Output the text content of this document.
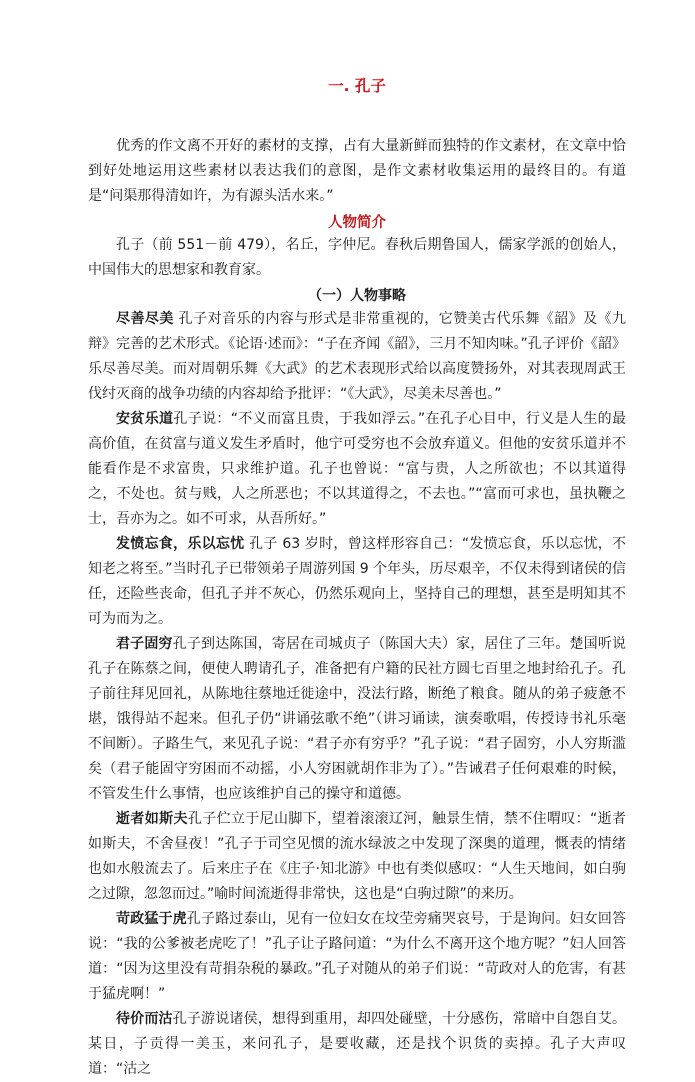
一. 孔子

优秀的作文离不开好的素材的支撑，占有大量新鲜而独特的作文素材，在文章中恰到好处地运用这些素材以表达我们的意图，是作文素材收集运用的最终目的。有道是“问渠那得清如许，为有源头活水来。”

人物简介

孔子（前 551－前 479），名丘，字仲尼。春秋后期鲁国人，儒家学派的创始人，中国伟大的思想家和教育家。

（一）人物事略

尽善尽美 孔子对音乐的内容与形式是非常重视的，它赞美古代乐舞《韶》及《九辩》完善的艺术形式。《论语·述而》：“子在齐闻《韶》，三月不知肉味。”孔子评价《韶》乐尽善尽美。而对周朝乐舞《大武》的艺术表现形式给以高度赞扬外，对其表现周武王伐纣灭商的战争功绩的内容却给予批评：“《大武》，尽美未尽善也。”

安贫乐道孔子说：“不义而富且贵，于我如浮云。”在孔子心目中，行义是人生的最高价值，在贫富与道义发生矛盾时，他宁可受穷也不会放弃道义。但他的安贫乐道并不能看作是不求富贵，只求维护道。孔子也曾说：“富与贵，人之所欲也；不以其道得之，不处也。贫与贱，人之所恶也；不以其道得之，不去也。”“富而可求也，虽执鞭之士，吾亦为之。如不可求，从吾所好。”

发愤忘食，乐以忘忧 孔子 63 岁时，曾这样形容自己：“发愤忘食，乐以忘忧，不知老之将至。”当时孔子已带领弟子周游列国 9 个年头，历尽艰辛，不仅未得到诸侯的信任，还险些丧命，但孔子并不灰心，仍然乐观向上，坚持自己的理想，甚至是明知其不可为而为之。

君子固穷孔子到达陈国，寄居在司城贞子（陈国大夫）家，居住了三年。楚国听说孔子在陈蔡之间，便使人聘请孔子，准备把有户籍的民社方圆七百里之地封给孔子。孔子前往拜见回礼，从陈地往蔡地迁徙途中，没法行路，断绝了粮食。随从的弟子疲惫不堪，饿得站不起来。但孔子仍“讲诵弦歌不绝”（讲习诵读，演奏歌唱，传授诗书礼乐毫不间断）。子路生气，来见孔子说：“君子亦有穷乎？”孔子说：“君子固穷，小人穷斯滥矣（君子能固守穷困而不动摇，小人穷困就胡作非为了）。”告诫君子任何艰难的时候，不管发生什么事情，也应该维护自己的操守和道德。

逝者如斯夫孔子伫立于尼山脚下，望着滚滚辽河，触景生情，禁不住喟叹：“逝者如斯夫，不舍昼夜！”孔子于司空见惯的流水绿波之中发现了深奥的道理，慨表的情绪也如水般流去了。后来庄子在《庄子·知北游》中也有类似感叹：“人生天地间，如白驹之过隙，忽忽而过。”喻时间流逝得非常快，这也是“白驹过隙”的来历。

苛政猛于虎孔子路过泰山，见有一位妇女在坟茔旁痛哭哀号，于是询问。妇女回答说：“我的公爹被老虎吃了！”孔子让子路问道：“为什么不离开这个地方呢？”妇人回答道：“因为这里没有苛捐杂税的暴政。”孔子对随从的弟子们说：“苛政对人的危害，有甚于猛虎啊！”

待价而沽孔子游说诸侯，想得到重用，却四处碰壁，十分感伤，常暗中自怨自艾。某日，子贡得一美玉，来问孔子，是要收藏，还是找个识货的卖掉。孔子大声叹道：“沽之
